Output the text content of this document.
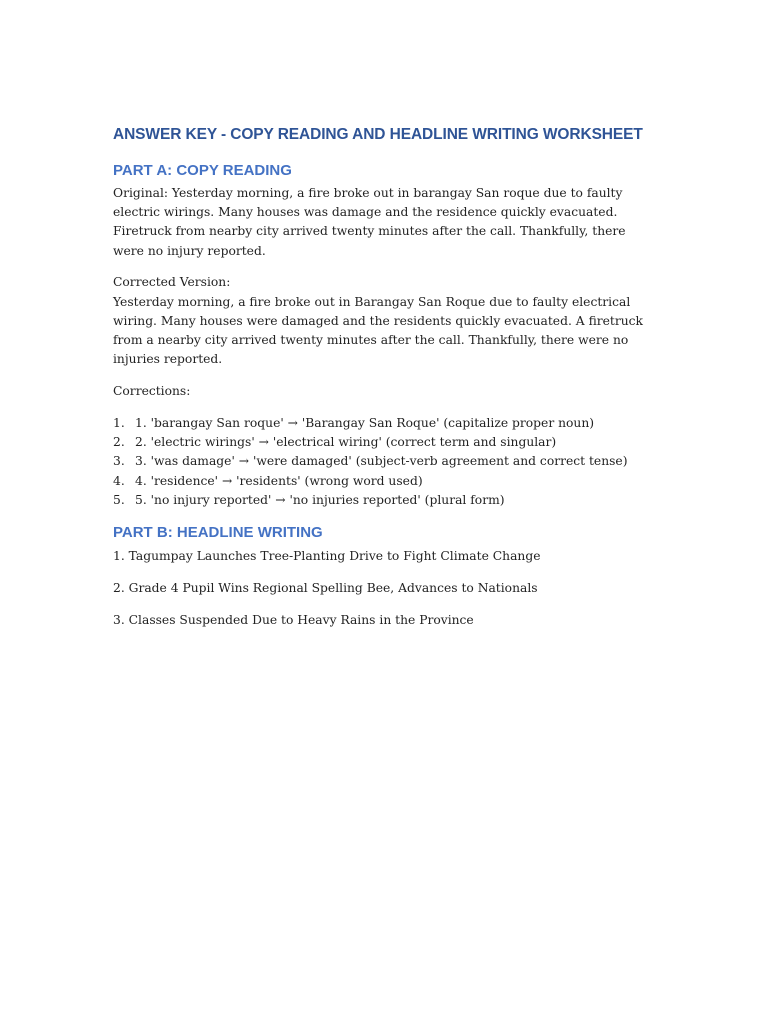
ANSWER KEY - COPY READING AND HEADLINE WRITING WORKSHEET
PART A: COPY READING

Original: Yesterday morning, a fire broke out in barangay San roque due to faulty electric wirings. Many houses was damage and the residence quickly evacuated. Firetruck from nearby city arrived twenty minutes after the call. Thankfully, there were no injury reported.

Corrected Version:

Yesterday morning, a fire broke out in Barangay San Roque due to faulty electrical wiring. Many houses were damaged and the residents quickly evacuated. A firetruck from a nearby city arrived twenty minutes after the call. Thankfully, there were no injuries reported.

Corrections:

1. 1. 'barangay San roque' → 'Barangay San Roque' (capitalize proper noun)
2. 2. 'electric wirings' → 'electrical wiring' (correct term and singular)
3. 3. 'was damage' → 'were damaged' (subject-verb agreement and correct tense)
4. 4. 'residence' → 'residents' (wrong word used)
5. 5. 'no injury reported' → 'no injuries reported' (plural form)
PART B: HEADLINE WRITING

1. Tagumpay Launches Tree-Planting Drive to Fight Climate Change

2. Grade 4 Pupil Wins Regional Spelling Bee, Advances to Nationals

3. Classes Suspended Due to Heavy Rains in the Province
